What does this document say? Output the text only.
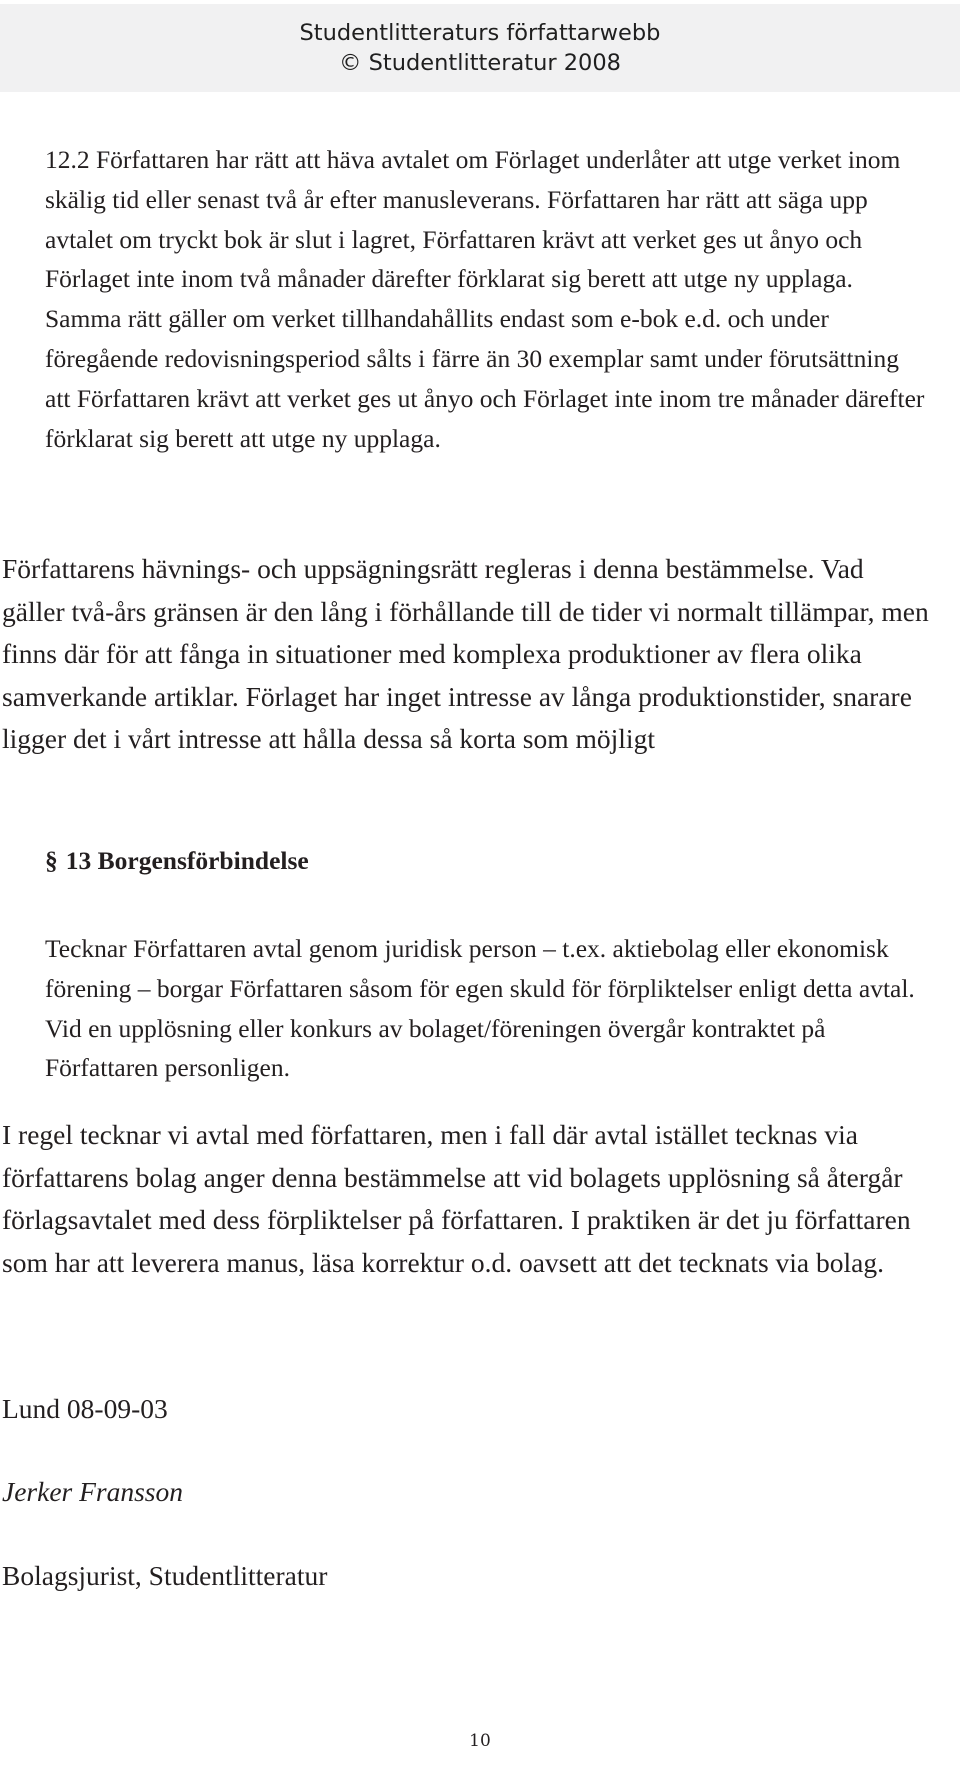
Studentlitteraturs författarwebb
© Studentlitteratur 2008

12.2 Författaren har rätt att häva avtalet om Förlaget underlåter att utge verket inom skälig tid eller senast två år efter manusleverans. Författaren har rätt att säga upp avtalet om tryckt bok är slut i lagret, Författaren krävt att verket ges ut ånyo och Förlaget inte inom två månader därefter förklarat sig berett att utge ny upplaga. Samma rätt gäller om verket tillhandahållits endast som e-bok e.d. och under föregående redovisningsperiod sålts i färre än 30 exemplar samt under förutsättning att Författaren krävt att verket ges ut ånyo och Förlaget inte inom tre månader därefter förklarat sig berett att utge ny upplaga.

Författarens hävnings- och uppsägningsrätt regleras i denna bestämmelse. Vad gäller två-års gränsen är den lång i förhållande till de tider vi normalt tillämpar, men finns där för att fånga in situationer med komplexa produktioner av flera olika samverkande artiklar. Förlaget har inget intresse av långa produktionstider, snarare ligger det i vårt intresse att hålla dessa så korta som möjligt

§ 13 Borgensförbindelse

Tecknar Författaren avtal genom juridisk person – t.ex. aktiebolag eller ekonomisk förening – borgar Författaren såsom för egen skuld för förpliktelser enligt detta avtal. Vid en upplösning eller konkurs av bolaget/föreningen övergår kontraktet på Författaren personligen.

I regel tecknar vi avtal med författaren, men i fall där avtal istället tecknas via författarens bolag anger denna bestämmelse att vid bolagets upplösning så återgår förlagsavtalet med dess förpliktelser på författaren. I praktiken är det ju författaren som har att leverera manus, läsa korrektur o.d. oavsett att det tecknats via bolag.

Lund 08-09-03
Jerker Fransson
Bolagsjurist, Studentlitteratur
10
